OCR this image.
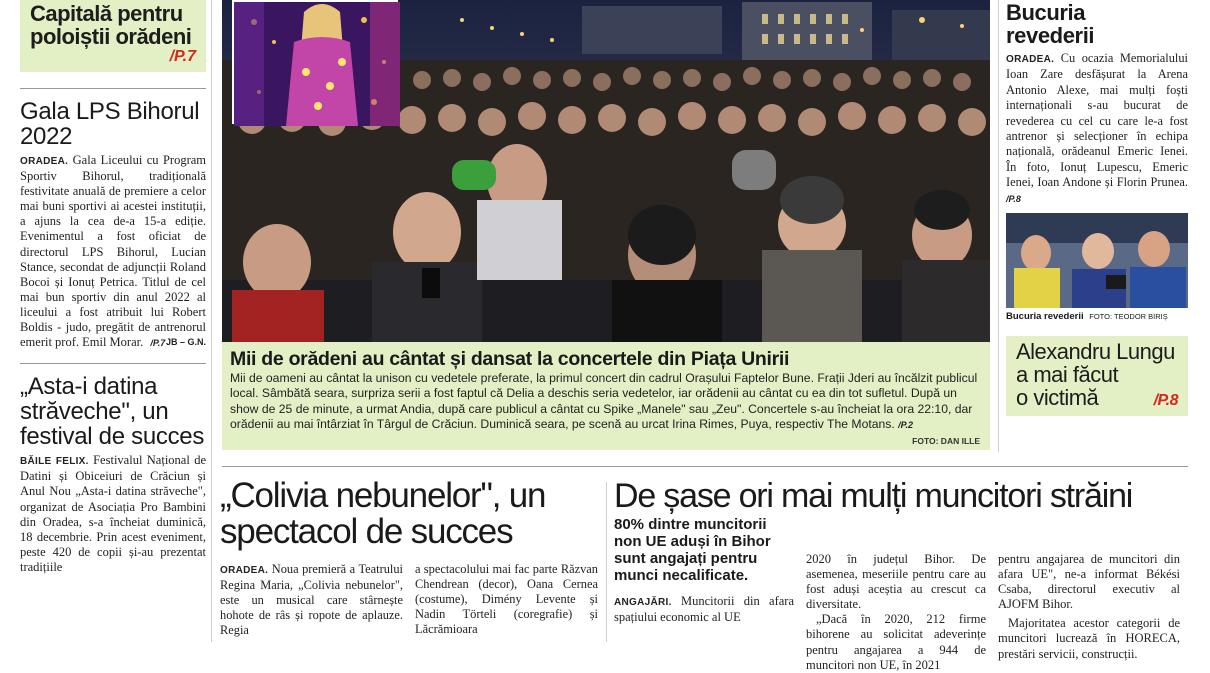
Capitală pentru
poloiștii orădeni
/P.7
Gala LPS Bihorul
2022

ORADEA. Gala Liceului cu Program Sportiv Bihorul, tradițională festivitate anuală de premiere a celor mai buni sportivi ai acestei instituții, a ajuns la cea de-a 15-a ediție. Evenimentul a fost oficiat de directorul LPS Bihorul, Lucian Stance, secondat de adjuncții Roland Bocoi și Ionuț Petrica. Titlul de cel mai bun sportiv din anul 2022 al liceului a fost atribuit lui Robert Boldis - judo, pregătit de antrenorul emerit prof. Emil Morar. /P.7 JB – G.N.

„Asta-i datina
străveche", un
festival de succes

BĂILE FELIX. Festivalul Național de Datini și Obiceiuri de Crăciun și Anul Nou „Asta-i datina străveche", organizat de Asociația Pro Bambini din Oradea, s-a încheiat duminică, 18 decembrie. Prin acest eveniment, peste 420 de copii și-au prezentat tradițiile

Mii de orădeni au cântat și dansat la concertele din Piața Unirii
Mii de oameni au cântat la unison cu vedetele preferate, la primul concert din cadrul Orașului Faptelor Bune. Frații Jderi au încălzit publicul local. Sâmbătă seara, surpriza serii a fost faptul că Delia a deschis seria vedetelor, iar orădenii au cântat cu ea din tot sufletul. După un show de 25 de minute, a urmat Andia, după care publicul a cântat cu Spike „Manele" sau „Zeu". Concertele s-au încheiat la ora 22:10, dar orădenii au mai întârziat în Târgul de Crăciun. Duminică seara, pe scenă au urcat Irina Rimes, Puya, respectiv The Motans. /P.2
FOTO: DAN ILLE
Bucuria
revederii

ORADEA. Cu ocazia Memorialului Ioan Zare desfășurat la Arena Antonio Alexe, mai mulți foști internaționali s-au bucurat de revederea cu cel cu care le-a fost antrenor și selecționer în echipa națională, orădeanul Emeric Ienei. În foto, Ionuț Lupescu, Emeric Ienei, Ioan Andone și Florin Prunea. /P.8

Bucuria revederii FOTO: TEODOR BIRIȘ
Alexandru Lungu
a mai făcut
o victimă	/P.8
„Colivia nebunelor", un
spectacol de succes

ORADEA. Noua premieră a Teatrului Regina Maria, „Colivia nebunelor", este un musical care stârnește hohote de râs și ropote de aplauze. Regia

a spectacolului mai fac parte Răzvan Chendrean (decor), Oana Cernea (costume), Dimény Levente și Nadin Törteli (coregrafie) și Lăcrămioara

De șase ori mai mulți muncitori străini
80% dintre muncitorii non UE aduși în Bihor sunt angajați pentru munci necalificate.

ANGAJĂRI. Muncitorii din afara spațiului economic al UE

2020 în județul Bihor. De asemenea, meseriile pentru care au fost aduși aceștia au crescut ca diversitate.

„Dacă în 2020, 212 firme bihorene au solicitat adeverințe pentru angajarea a 944 de muncitori non UE, în 2021

pentru angajarea de muncitori din afara UE", ne-a informat Békési Csaba, directorul executiv al AJOFM Bihor.

Majoritatea acestor categorii de muncitori lucrează în HORECA, prestări servicii, construcții.
